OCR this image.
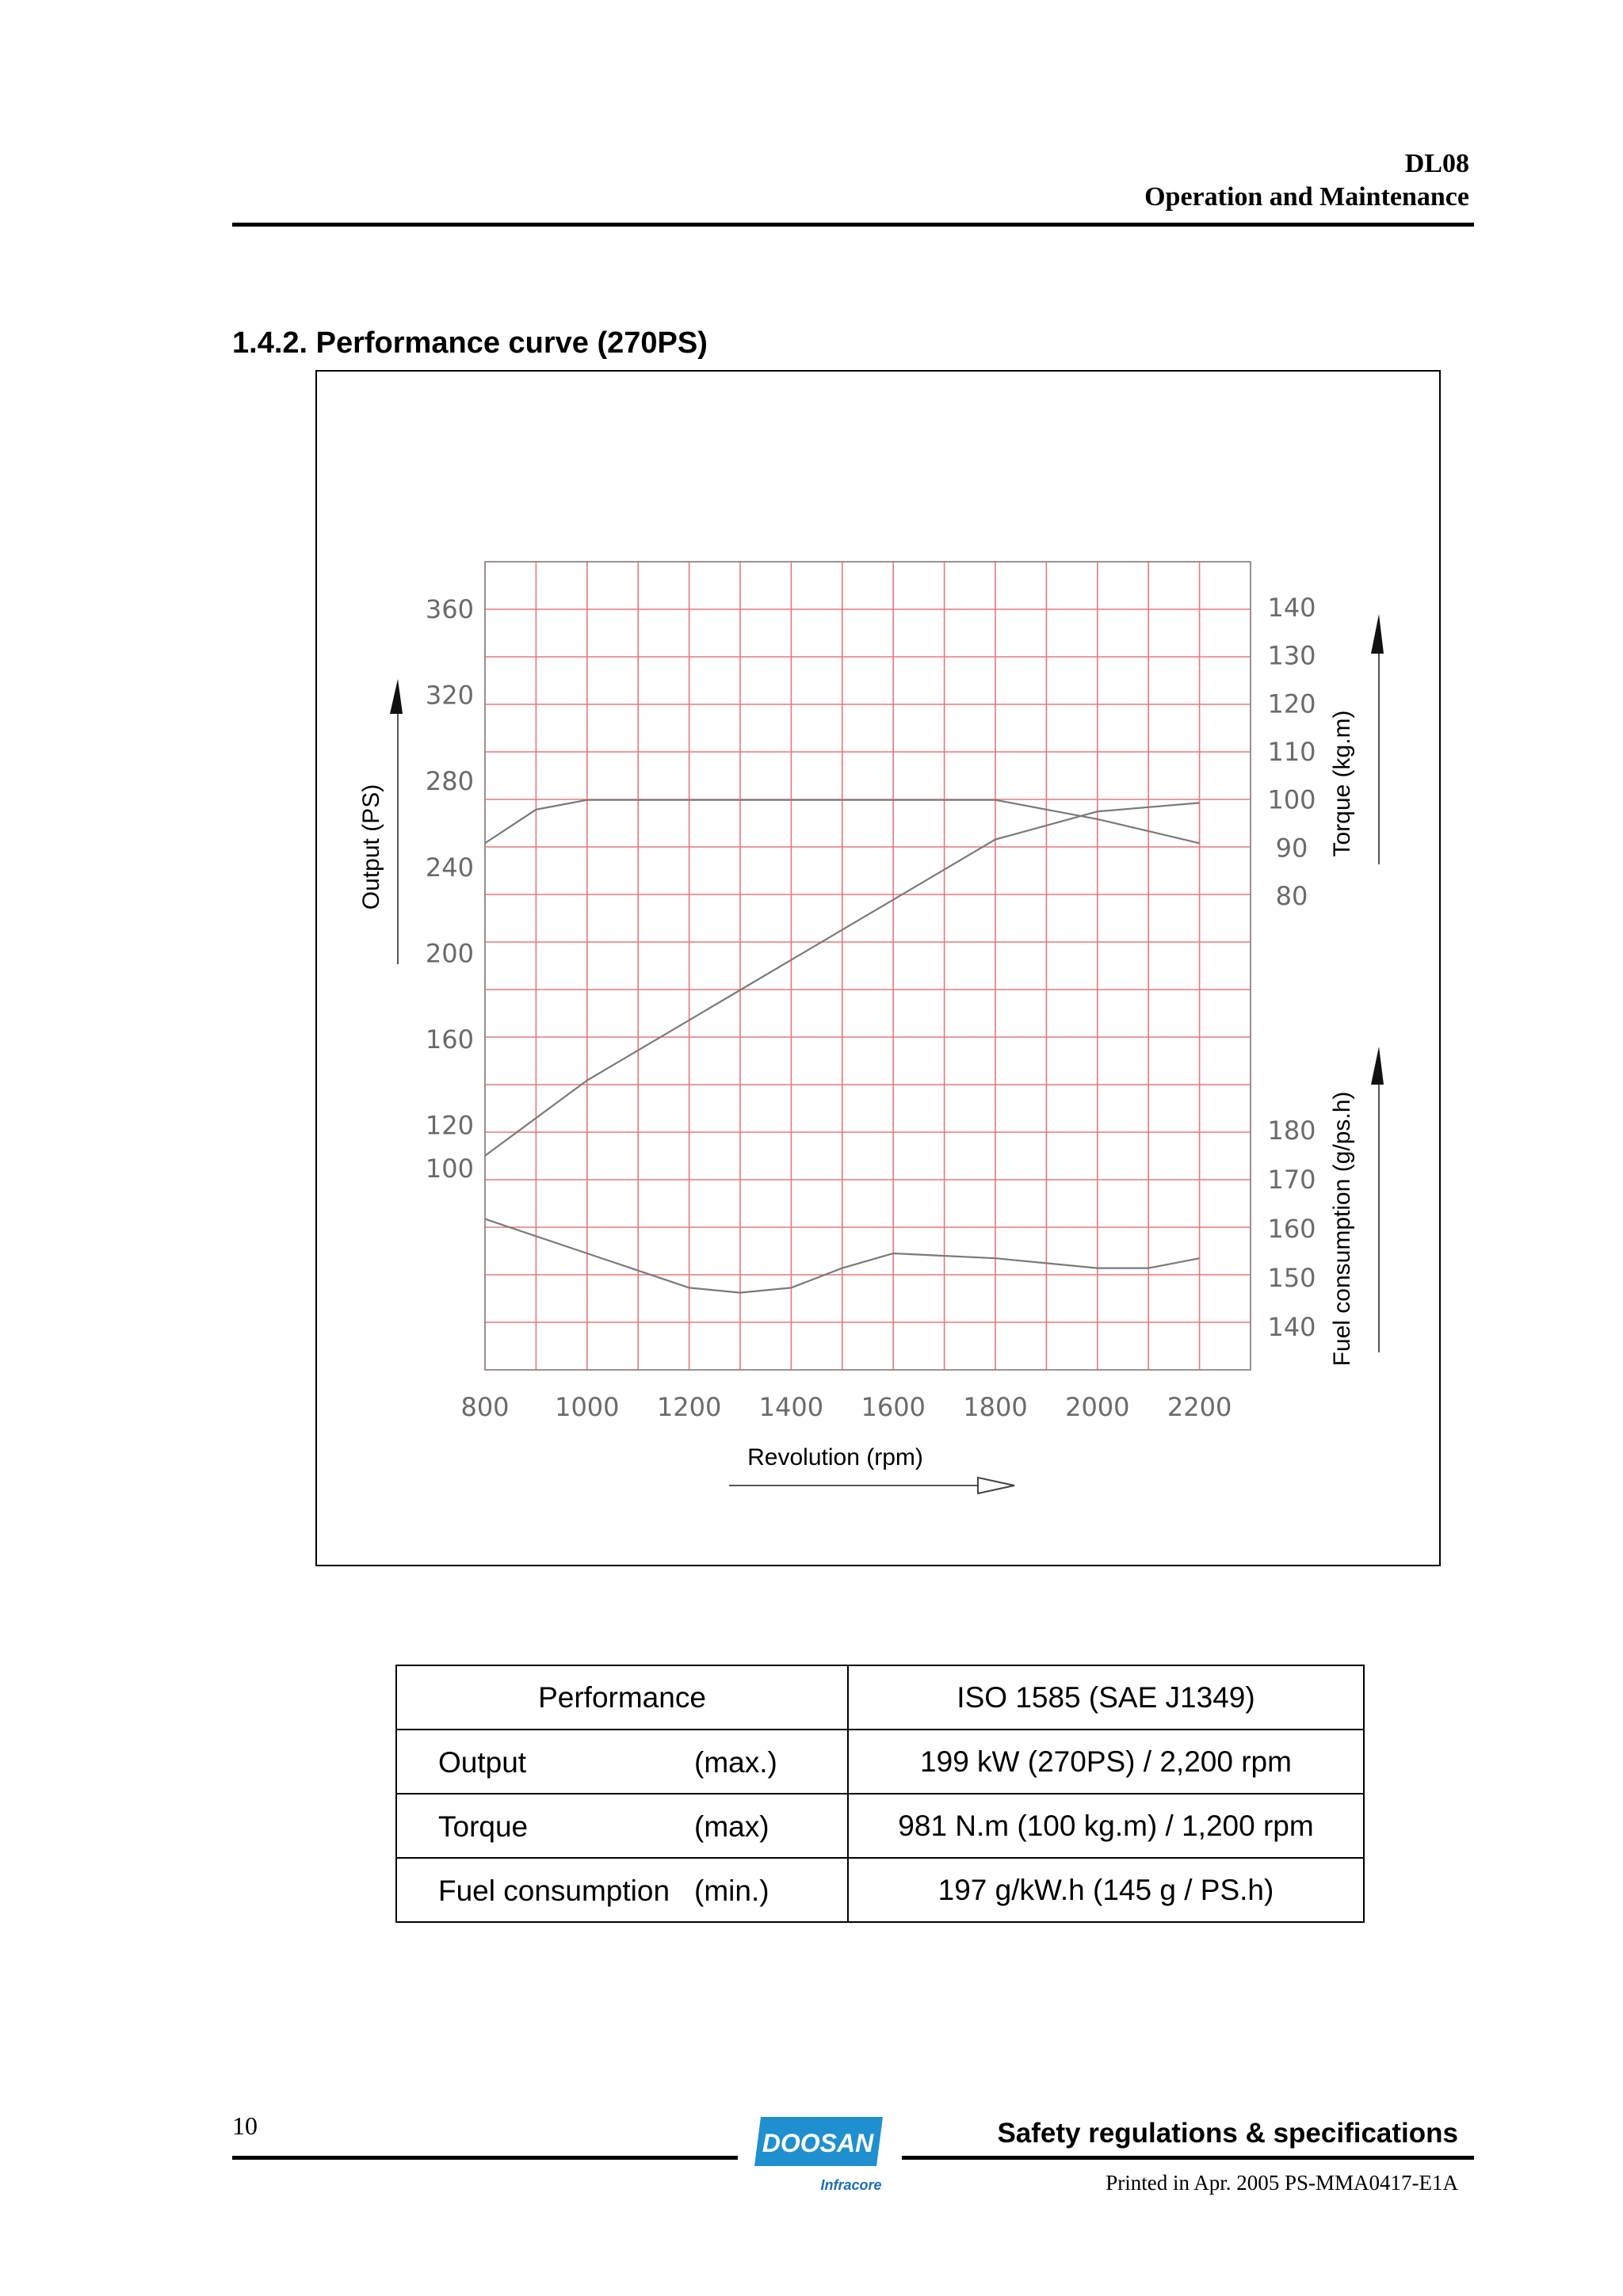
DL08
Operation and Maintenance
1.4.2. Performance curve (270PS)
800 1000 1200 1400 1600 1800 2000 2200
100
120
160
200
240
280
320
360
80
90
100
110
120
130
140
140
150
160
170
180
Output (PS)	Torque (kg.m)
Fuel consumption (g/ps.h)
Revolution (rpm)
Performance	ISO 1585 (SAE J1349)

Output (max.)	199 kW (270PS) / 2,200 rpm

Torque (max)	981 N.m (100 kg.m) / 1,200 rpm

Fuel consumption (min.)	197 g/kW.h (145 g / PS.h)
10	Safety regulations & specifications
Printed in Apr. 2005 PS-MMA0417-E1A
DOOSAN
Infracore
